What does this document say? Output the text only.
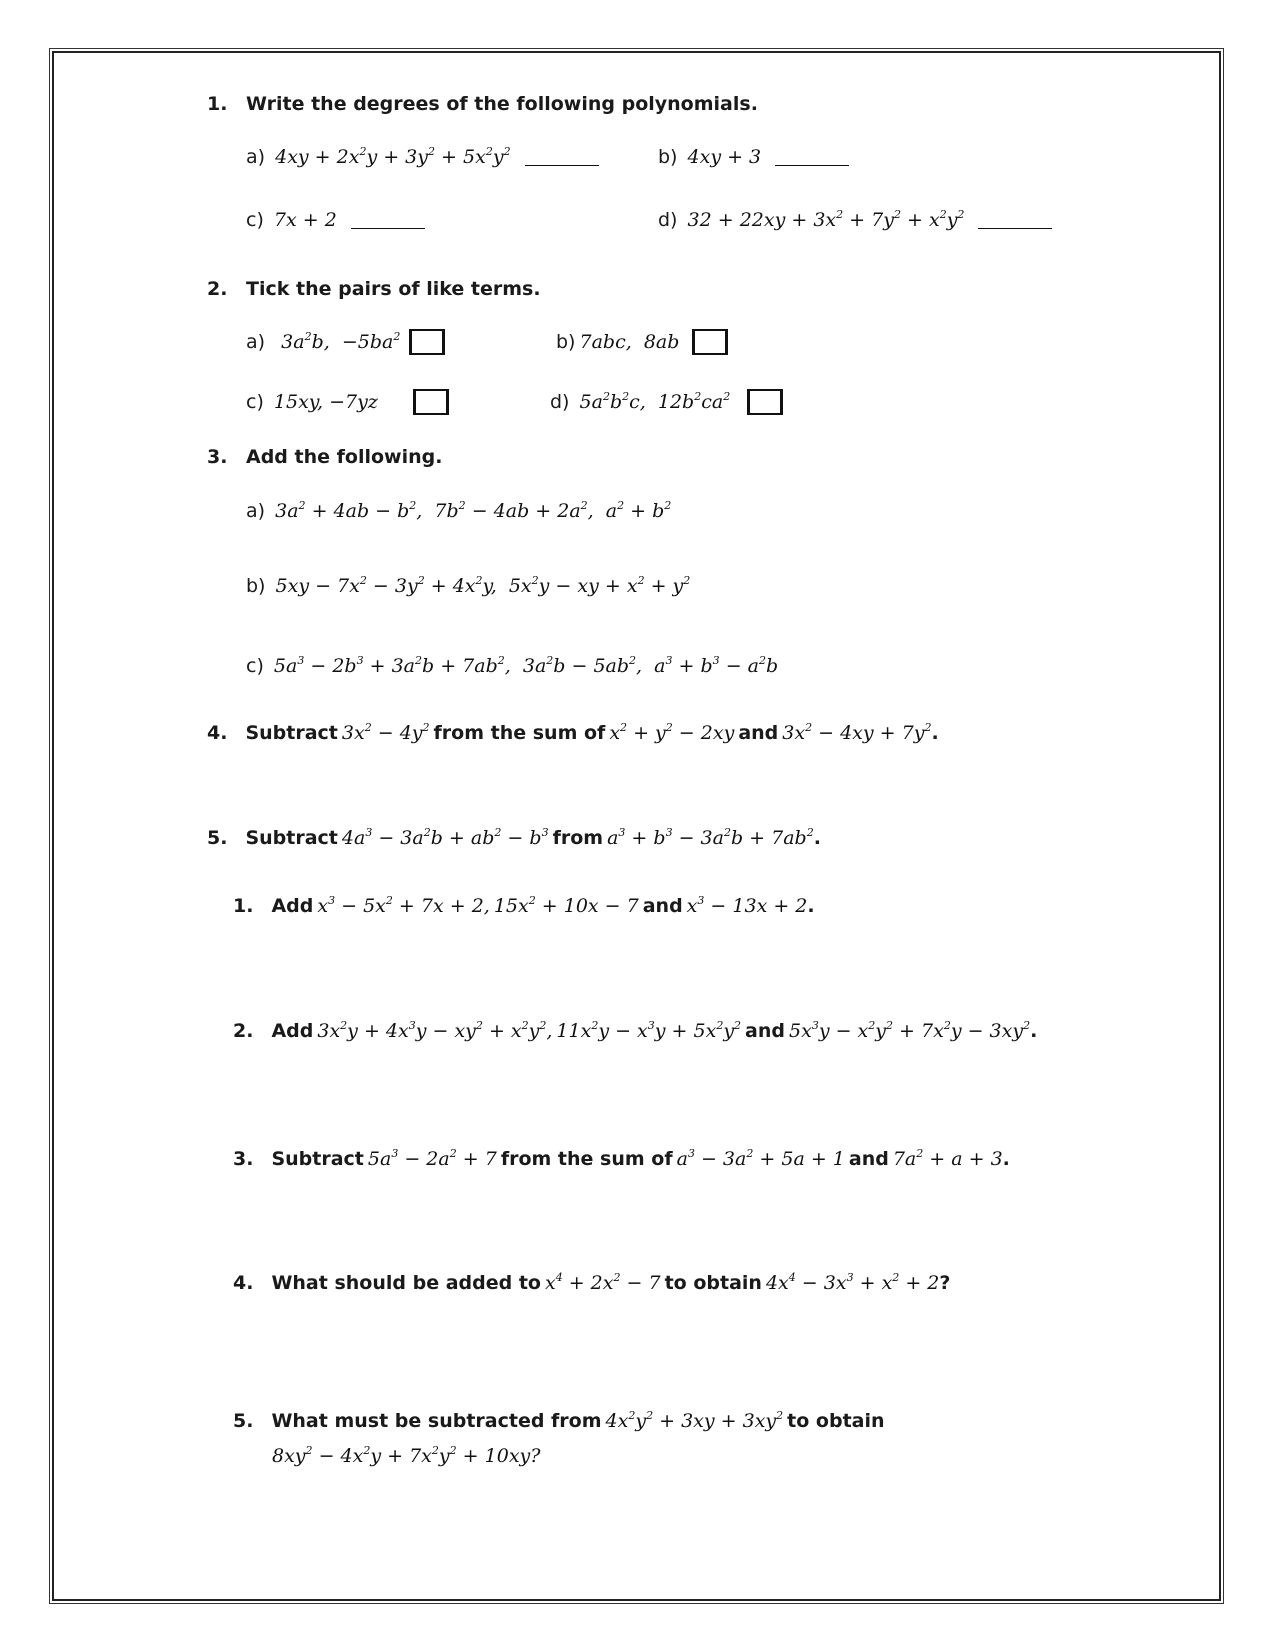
1. Write the degrees of the following polynomials.
a)  $4xy + 2x^2y + 3y^2 + 5x^2y^2$	b)  4xy + 3
c)  7x + 2	d)  $32 + 22xy + 3x^2 + 7y^2 + x^2y^2$
2. Tick the pairs of like terms.
a)   $3a^2b$,  $-5ba^2$	b) 7abc,  8ab
c)  15xy, −7yz	d)  $5a^2b^2c$,  $12b^2ca^2$
3. Add the following.
a)  $3a^2 + 4ab - b^2$,  $7b^2 - 4ab + 2a^2$,  $a^2 + b^2$
b)  $5xy - 7x^2 - 3y^2 + 4x^2y$,  $5x^2y$ − xy + $x^2 + y^2$
c)  $5a^3 - 2b^3 + 3a^2b + 7ab^2$,  $3a^2b - 5ab^2$,  $a^3 + b^3 - a^2b$
4. Subtract $3x^2 - 4y^2$ from the sum of $x^2 + y^2 - 2xy$ and $3x^2 - 4xy + 7y^2$.
5. Subtract $4a^3 - 3a^2b + ab^2 - b^3$ from $a^3 + b^3 - 3a^2b + 7ab^2$.
1. Add $x^3 - 5x^2 + 7x + 2$, $15x^2 + 10x - 7$ and $x^3 - 13x + 2$.
2. Add $3x^2y + 4x^3y - xy^2 + x^2y^2$, $11x^2y - x^3y + 5x^2y^2$ and $5x^3y - x^2y^2 + 7x^2y - 3xy^2$.
3. Subtract $5a^3 - 2a^2 + 7$ from the sum of $a^3 - 3a^2 + 5a + 1$ and $7a^2 + a + 3$.
4. What should be added to $x^4 + 2x^2 - 7$ to obtain $4x^4 - 3x^3 + x^2 + 2$?
5. What must be subtracted from $4x^2y^2 + 3xy + 3xy^2$ to obtain
$8xy^2 - 4x^2y + 7x^2y^2 + 10xy$?
